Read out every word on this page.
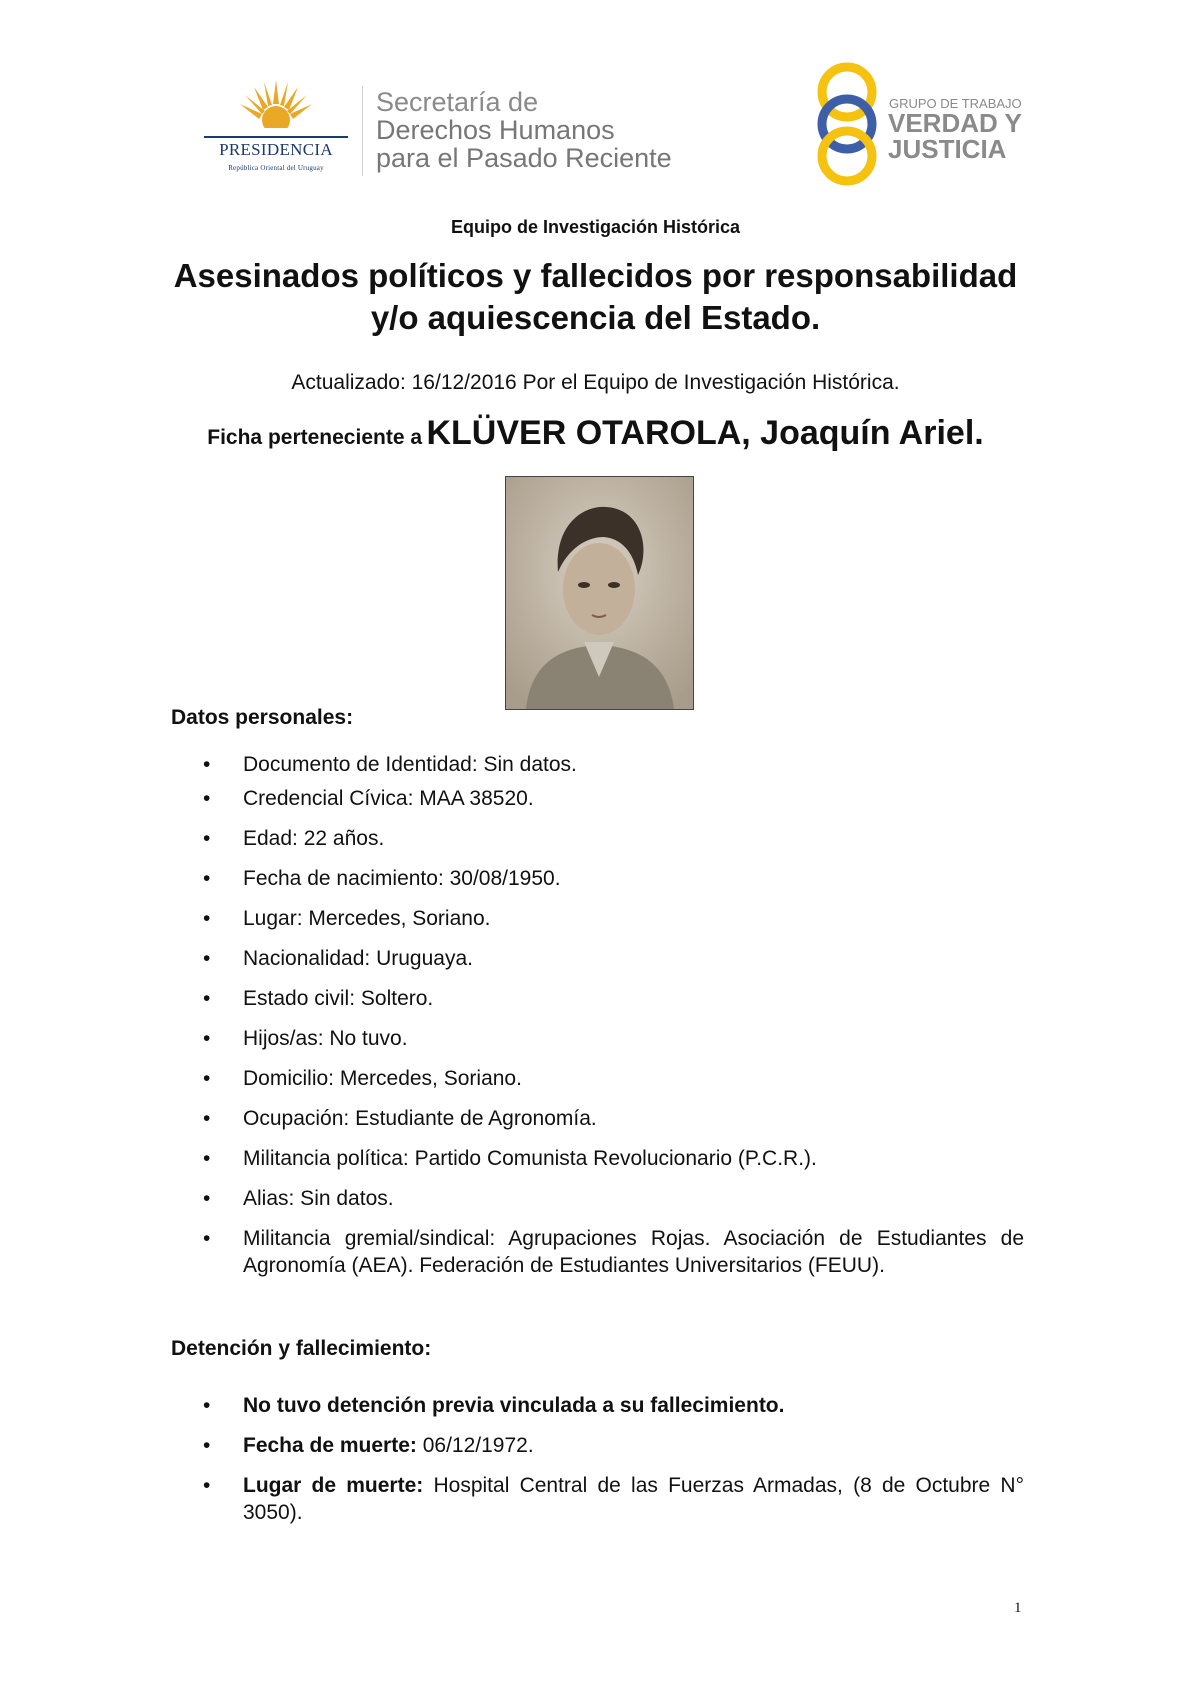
PRESIDENCIA
República Oriental del Uruguay
Secretaría de
Derechos Humanos
para el Pasado Reciente
GRUPO DE TRABAJO
VERDAD Y
JUSTICIA
Equipo de Investigación Histórica
Asesinados políticos y fallecidos por responsabilidad y/o aquiescencia del Estado.
Actualizado: 16/12/2016 Por el Equipo de Investigación Histórica.
Ficha perteneciente a KLÜVER OTAROLA, Joaquín Ariel.
Datos personales:
• Documento de Identidad: Sin datos.
• Credencial Cívica: MAA 38520.
• Edad: 22 años.
• Fecha de nacimiento: 30/08/1950.
• Lugar: Mercedes, Soriano.
• Nacionalidad: Uruguaya.
• Estado civil: Soltero.
• Hijos/as: No tuvo.
• Domicilio: Mercedes, Soriano.
• Ocupación: Estudiante de Agronomía.
• Militancia política: Partido Comunista Revolucionario (P.C.R.).
• Alias: Sin datos.
• Militancia gremial/sindical: Agrupaciones Rojas. Asociación de Estudiantes de Agronomía (AEA). Federación de Estudiantes Universitarios (FEUU).
Detención y fallecimiento:
• No tuvo detención previa vinculada a su fallecimiento.
• Fecha de muerte: 06/12/1972.
• Lugar de muerte: Hospital Central de las Fuerzas Armadas, (8 de Octubre N° 3050).
1
